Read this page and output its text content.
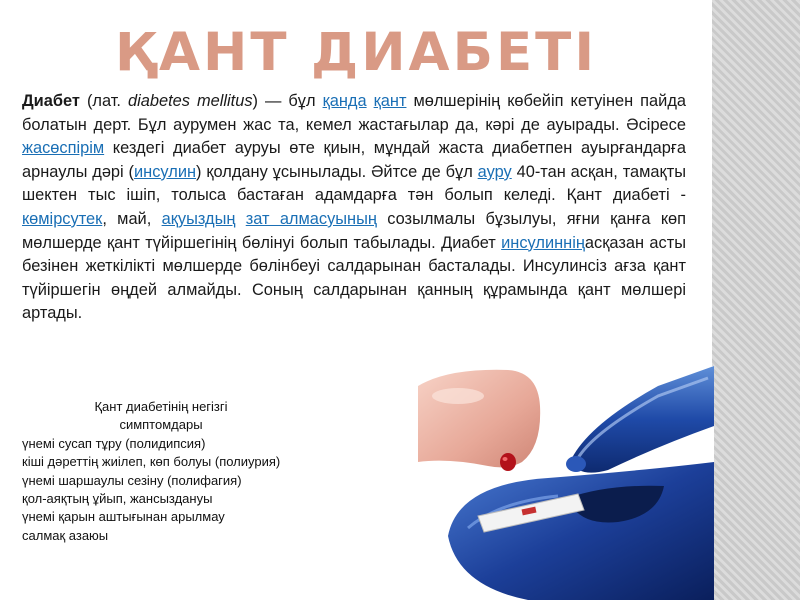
ҚАНТ ДИАБЕТІ
Диабет (лат. diabetes mellitus) — бұл қанда қант мөлшерінің көбейіп кетуінен пайда болатын дерт. Бұл аурумен жас та, кемел жастағылар да, кәрі де ауырады. Әсіресе жасөспірім кездегі диабет ауруы өте қиын, мұндай жаста диабетпен ауырғандарға арнаулы дәрі (инсулин) қолдану ұсынылады. Әйтсе де бұл ауру 40-тан асқан, тамақты шектен тыс ішіп, толыса бастаған адамдарға тән болып келеді. Қант диабеті - көмірсутек, май, ақуыздың зат алмасуының созылмалы бұзылуы, яғни қанға көп мөлшерде қант түйіршегінің бөлінуі болып табылады. Диабет инсулинніңасқазан асты безінен жеткілікті мөлшерде бөлінбеуі салдарынан басталады. Инсулинсіз ағза қант түйіршегін өңдей алмайды. Соның салдарынан қанның құрамында қант мөлшері артады.
Қант диабетінің негізгі
симптомдары
үнемі сусап тұру (полидипсия)
кіші дәреттің жиілеп, көп болуы (полиурия)
үнемі шаршаулы сезіну (полифагия)
қол-аяқтың ұйып, жансыздануы
үнемі қарын аштығынан арылмау
салмақ азаюы
